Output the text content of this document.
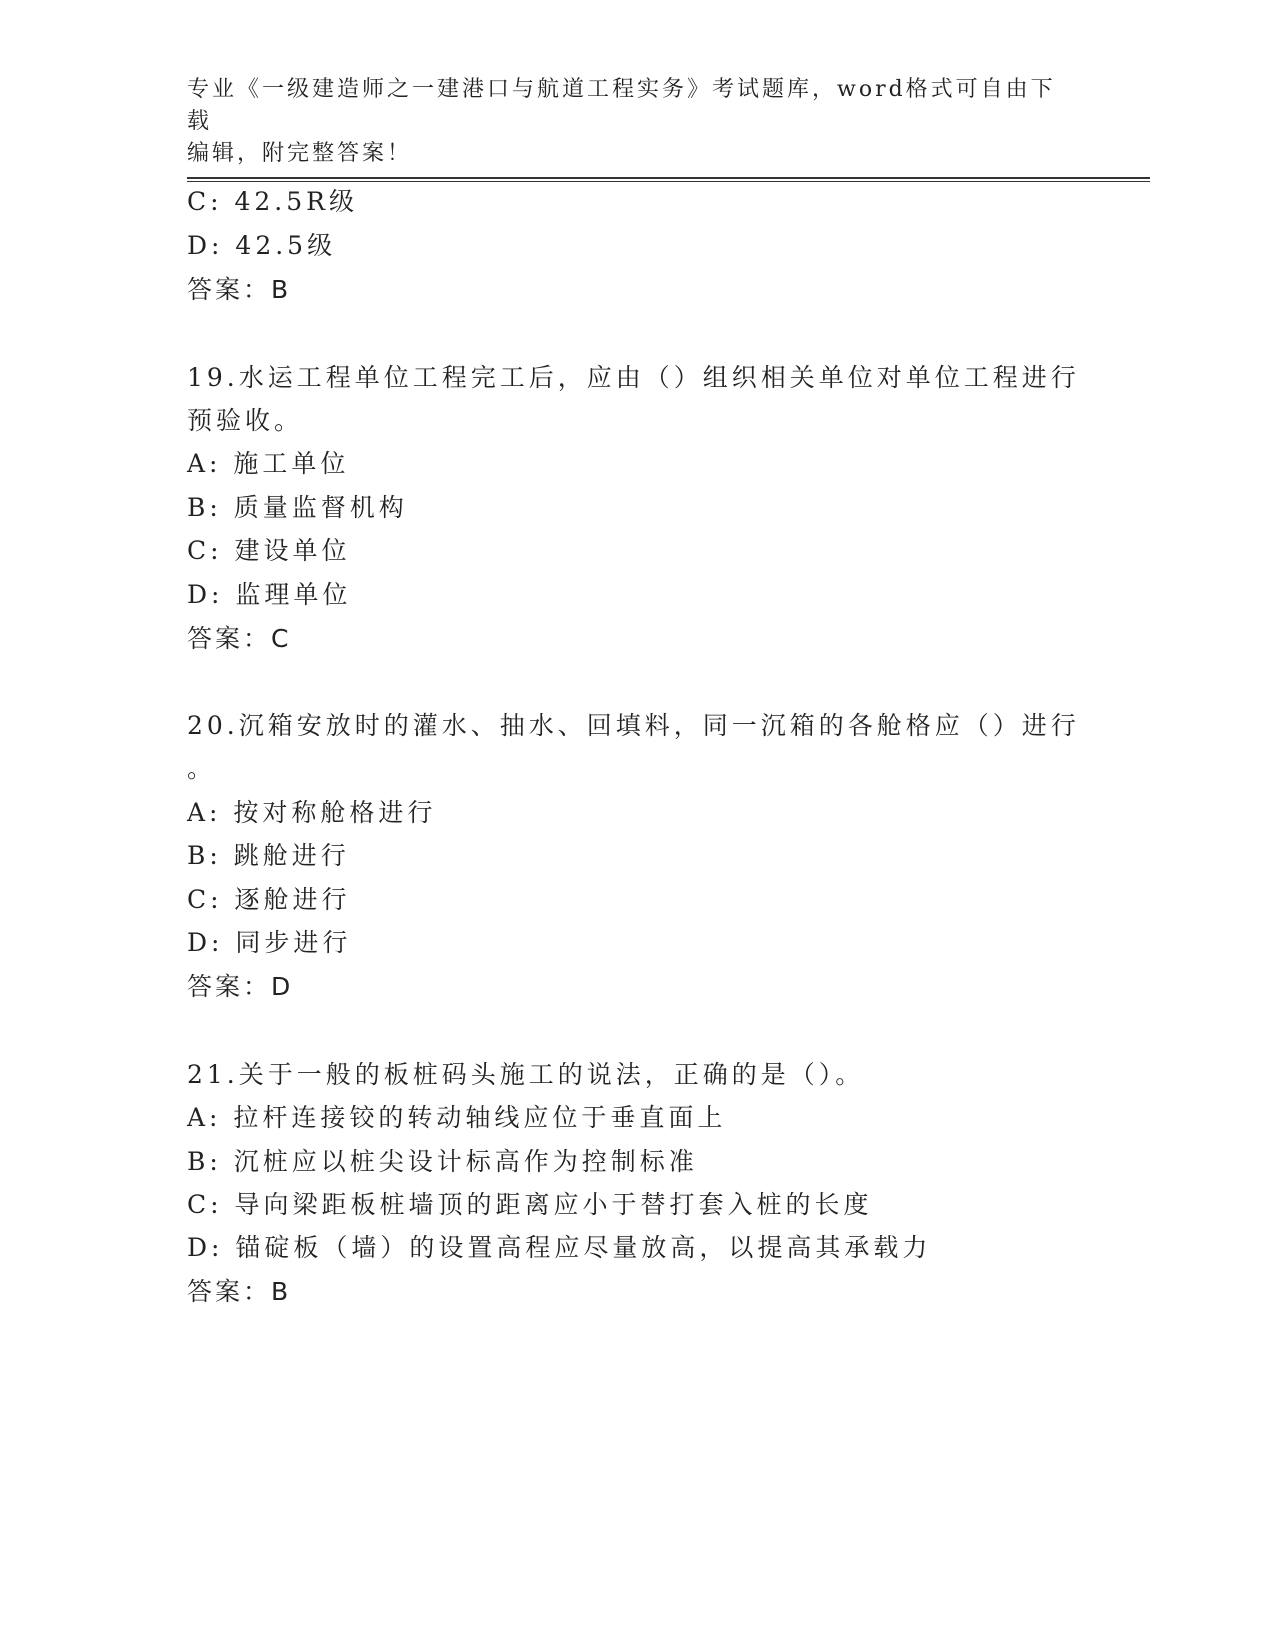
专业《一级建造师之一建港口与航道工程实务》考试题库，word格式可自由下载
编辑，附完整答案！
C: 42.5R级
D: 42.5级
答案：B
19.水运工程单位工程完工后，应由（）组织相关单位对单位工程进行
预验收。
A: 施工单位
B: 质量监督机构
C: 建设单位
D: 监理单位
答案：C
20.沉箱安放时的灌水、抽水、回填料，同一沉箱的各舱格应（）进行
。
A: 按对称舱格进行
B: 跳舱进行
C: 逐舱进行
D: 同步进行
答案：D
21.关于一般的板桩码头施工的说法，正确的是（）。
A: 拉杆连接铰的转动轴线应位于垂直面上
B: 沉桩应以桩尖设计标高作为控制标准
C: 导向梁距板桩墙顶的距离应小于替打套入桩的长度
D: 锚碇板（墙）的设置高程应尽量放高，以提高其承载力
答案：B
